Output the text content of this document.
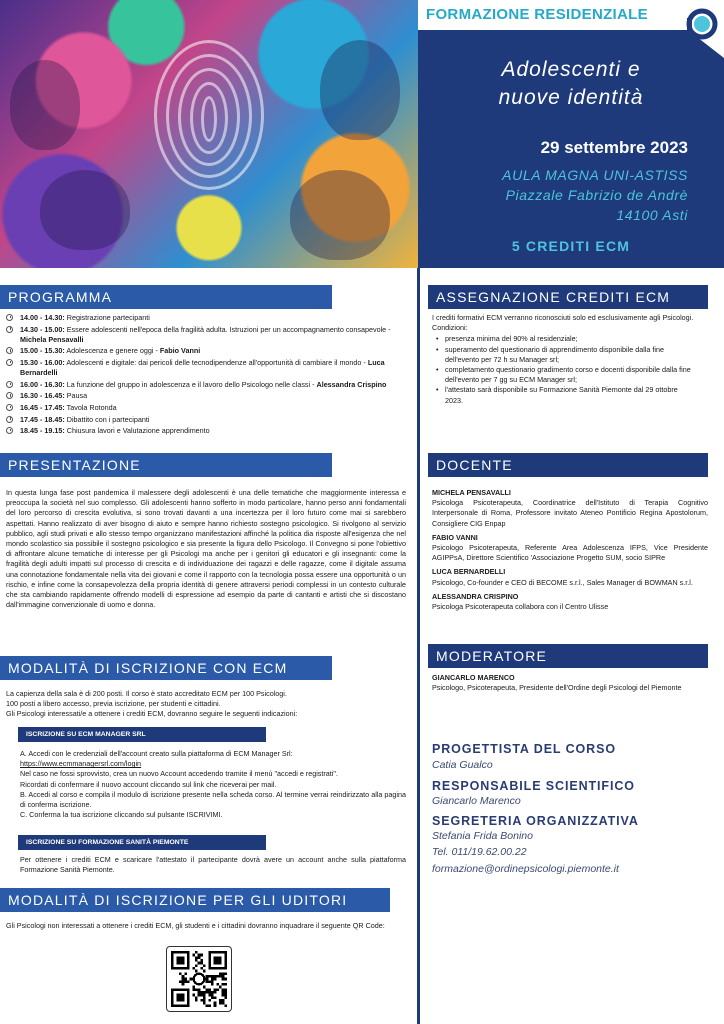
FORMAZIONE RESIDENZIALE
Adolescenti e
nuove identità
29 settembre 2023
AULA MAGNA UNI-ASTISS
Piazzale Fabrizio de Andrè
14100 Asti
5 CREDITI ECM
PROGRAMMA
14.00 - 14.30: Registrazione partecipanti
14.30 - 15.00: Essere adolescenti nell'epoca della fragilità adulta. Istruzioni per un accompagnamento consapevole - Michela Pensavalli
15.00 - 15.30: Adolescenza e genere oggi - Fabio Vanni
15.30 - 16.00: Adolescenti e digitale: dai pericoli delle tecnodipendenze all'opportunità di cambiare il mondo - Luca Bernardelli
16.00 - 16.30: La funzione del gruppo in adolescenza e il lavoro dello Psicologo nelle classi - Alessandra Crispino
16.30 - 16.45: Pausa
16.45 - 17.45: Tavola Rotonda
17.45 - 18.45: Dibattito con i partecipanti
18.45 - 19.15: Chiusura lavori e Valutazione apprendimento
PRESENTAZIONE
In questa lunga fase post pandemica il malessere degli adolescenti è una delle tematiche che maggiormente interessa e preoccupa la società nel suo complesso. Gli adolescenti hanno sofferto in modo particolare, hanno perso anni fondamentali del loro percorso di crescita evolutiva, si sono trovati davanti a una incertezza per il loro futuro come mai si sarebbero aspettati. Hanno realizzato di aver bisogno di aiuto e sempre hanno richiesto sostegno psicologico. Si rivolgono al servizio pubblico, agli studi privati e allo stesso tempo organizzano manifestazioni affinché la politica dia risposte all'esigenza che nel mondo scolastico sia possibile il sostegno psicologico e sia presente la figura dello Psicologo. Il Convegno si pone l'obiettivo di affrontare alcune tematiche di interesse per gli Psicologi ma anche per i genitori gli educatori e gli insegnanti: come la fragilità degli adulti impatti sul processo di crescita e di individuazione dei ragazzi e delle ragazze, come il digitale assuma una connotazione fondamentale nella vita dei giovani e come il rapporto con la tecnologia possa essere una opportunità o un rischio, e infine come la consapevolezza della propria identità di genere attraversi periodi complessi in un contesto culturale che sta cambiando rapidamente offrendo modelli di espressione ad esempio da parte di cantanti e artisti che si discostano dall'immagine convenzionale di uomo e donna.
MODALITÀ DI ISCRIZIONE CON ECM
La capienza della sala è di 200 posti. Il corso è stato accreditato ECM per 100 Psicologi.
100 posti a libero accesso, previa iscrizione, per studenti e cittadini.
Gli Psicologi interessati/e a ottenere i crediti ECM, dovranno seguire le seguenti indicazioni:
ISCRIZIONE SU ECM MANAGER SRL
A. Accedi con le credenziali dell'account creato sulla piattaforma di ECM Manager Srl:
https://www.ecmmanagersrl.com/login
Nel caso ne fossi sprovvisto, crea un nuovo Account accedendo tramite il menù "accedi e registrati".
Ricordati di confermare il nuovo account cliccando sul link che riceverai per mail.
B. Accedi al corso e compila il modulo di iscrizione presente nella scheda corso. Al termine verrai reindirizzato alla pagina di conferma iscrizione.
C. Conferma la tua iscrizione cliccando sul pulsante ISCRIVIMI.
ISCRIZIONE SU FORMAZIONE SANITÀ PIEMONTE
Per ottenere i crediti ECM e scaricare l'attestato il partecipante dovrà avere un account anche sulla piattaforma Formazione Sanità Piemonte.
MODALITÀ DI ISCRIZIONE PER GLI UDITORI
Gli Psicologi non interessati a ottenere i crediti ECM, gli studenti e i cittadini dovranno inquadrare il seguente QR Code:
ASSEGNAZIONE CREDITI ECM
I crediti formativi ECM verranno riconosciuti solo ed esclusivamente agli Psicologi.
Condizioni:
• presenza minima del 90% al residenziale;
• superamento del questionario di apprendimento disponibile dalla fine dell'evento per 72 h su Manager srl;
• completamento questionario gradimento corso e docenti disponibile dalla fine dell'evento per 7 gg su ECM Manager srl;
• l'attestato sarà disponibile su Formazione Sanità Piemonte dal 29 ottobre 2023.
DOCENTE
MICHELA PENSAVALLI
Psicologa Psicoterapeuta, Coordinatrice dell'Istituto di Terapia Cognitivo Interpersonale di Roma, Professore invitato Ateneo Pontificio Regina Apostolorum, Consigliere CIG Enpap
FABIO VANNI
Psicologo Psicoterapeuta, Referente Area Adolescenza IFPS, Vice Presidente AGIPPsA, Direttore Scientifico 'Associazione Progetto SUM, socio SIPRe
LUCA BERNARDELLI
Psicologo, Co-founder e CEO di BECOME s.r.l., Sales Manager di BOWMAN s.r.l.
ALESSANDRA CRISPINO
Psicologa Psicoterapeuta collabora con il Centro Ulisse
MODERATORE
GIANCARLO MARENCO
Psicologo, Psicoterapeuta, Presidente dell'Ordine degli Psicologi del Piemonte
PROGETTISTA DEL CORSO
Catia Gualco
RESPONSABILE SCIENTIFICO
Giancarlo Marenco
SEGRETERIA ORGANIZZATIVA
Stefania Frida Bonino
Tel. 011/19.62.00.22
formazione@ordinepsicologi.piemonte.it
